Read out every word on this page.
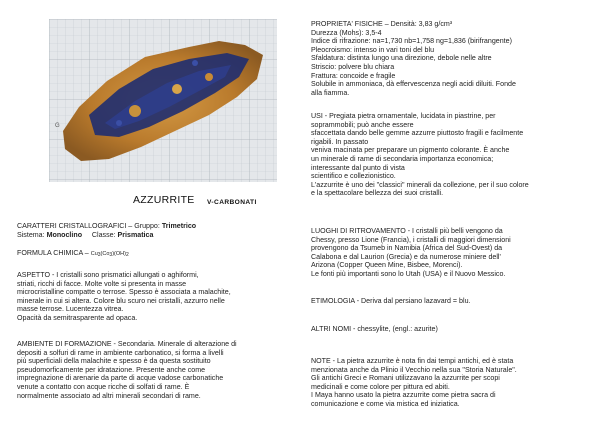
G
AZZURRITE V-CARBONATI

CARATTERI CRISTALLOGRAFICI – Gruppo: Trimetrico

Sistema: Monoclino Classe: Prismatica

FORMULA CHIMICA – $Cu_3(Co_3)(OH)_2$

ASPETTO - I cristalli sono prismatici allungati o aghiformi,

striati, ricchi di facce. Molte volte si presenta in masse

microcristalline compatte o terrose. Spesso è associata a malachite,

minerale in cui si altera. Colore blu scuro nei cristalli, azzurro nelle

masse terrose. Lucentezza vitrea.

Opacità da semitrasparente ad opaca.

AMBIENTE DI FORMAZIONE - Secondaria. Minerale di alterazione di

depositi a solfuri di rame in ambiente carbonatico, si forma a livelli

più superficiali della malachite e spesso è da questa sostituito

pseudomorficamente per idratazione. Presente anche come

impregnazione di arenarie da parte di acque vadose carbonatiche

venute a contatto con acque ricche di solfati di rame. È

normalmente associato ad altri minerali secondari di rame.

PROPRIETA' FISICHE – Densità: 3,83 g/cm³

Durezza (Mohs): 3,5-4

Indice di rifrazione: na=1,730 nb=1,758 ng=1,836 (birifrangente)

Pleocroismo: intenso in vari toni del blu

Sfaldatura: distinta lungo una direzione, debole nelle altre

Striscio: polvere blu chiara

Frattura: concoide e fragile

Solubile in ammoniaca, dà effervescenza negli acidi diluiti. Fonde

alla fiamma.

USI - Pregiata pietra ornamentale, lucidata in piastrine, per

soprammobili; può anche essere

sfaccettata dando belle gemme azzurre piuttosto fragili e facilmente

rigabili. In passato

veniva macinata per preparare un pigmento colorante. È anche

un minerale di rame di secondaria importanza economica;

interessante dal punto di vista

scientifico e collezionistico.

L'azzurrite è uno dei "classici" minerali da collezione, per il suo colore

e la spettacolare bellezza dei suoi cristalli.

LUOGHI DI RITROVAMENTO - I cristalli più belli vengono da

Chessy, presso Lione (Francia), i cristalli di maggiori dimensioni

provengono da Tsumeb in Namibia (Africa del Sud-Ovest) da

Calabona e dal Laurion (Grecia) e da numerose miniere dell'

Arizona (Copper Queen Mine, Bisbee, Morenci).

Le fonti più importanti sono lo Utah (USA) e il Nuovo Messico.

ETIMOLOGIA - Deriva dal persiano lazavard = blu.

ALTRI NOMI - chessylite, (engl.: azurite)

NOTE - La pietra azzurrite è nota fin dai tempi antichi, ed è stata

menzionata anche da Plinio il Vecchio nella sua "Storia Naturale".

Gli antichi Greci e Romani utilizzavano la azzurrite per scopi

medicinali e come colore per pittura ed abiti.

I Maya hanno usato la pietra azzurrite come pietra sacra di

comunicazione e come via mistica ed iniziatica.
